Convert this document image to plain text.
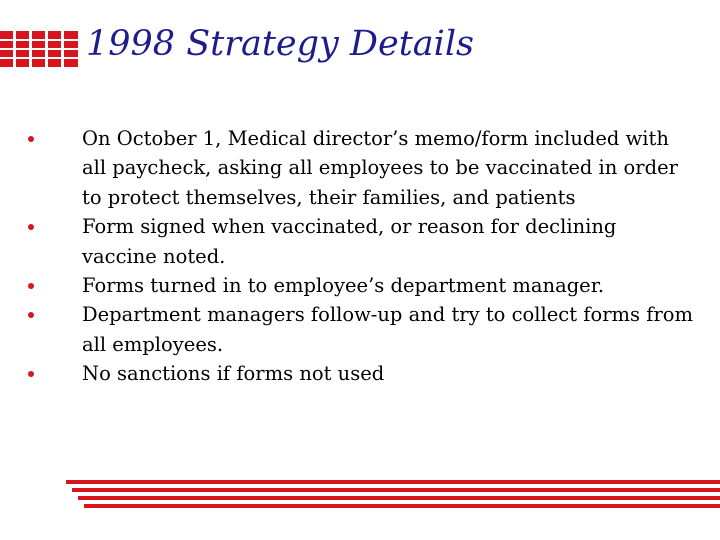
1998 Strategy Details
On October 1, Medical director’s memo/form included with all paycheck, asking all employees to be vaccinated in order to protect themselves, their families, and patients
Form signed when vaccinated, or reason for declining vaccine noted.
Forms turned in to employee’s department manager.
Department managers follow-up and try to collect forms from all employees.
No sanctions if forms not used
